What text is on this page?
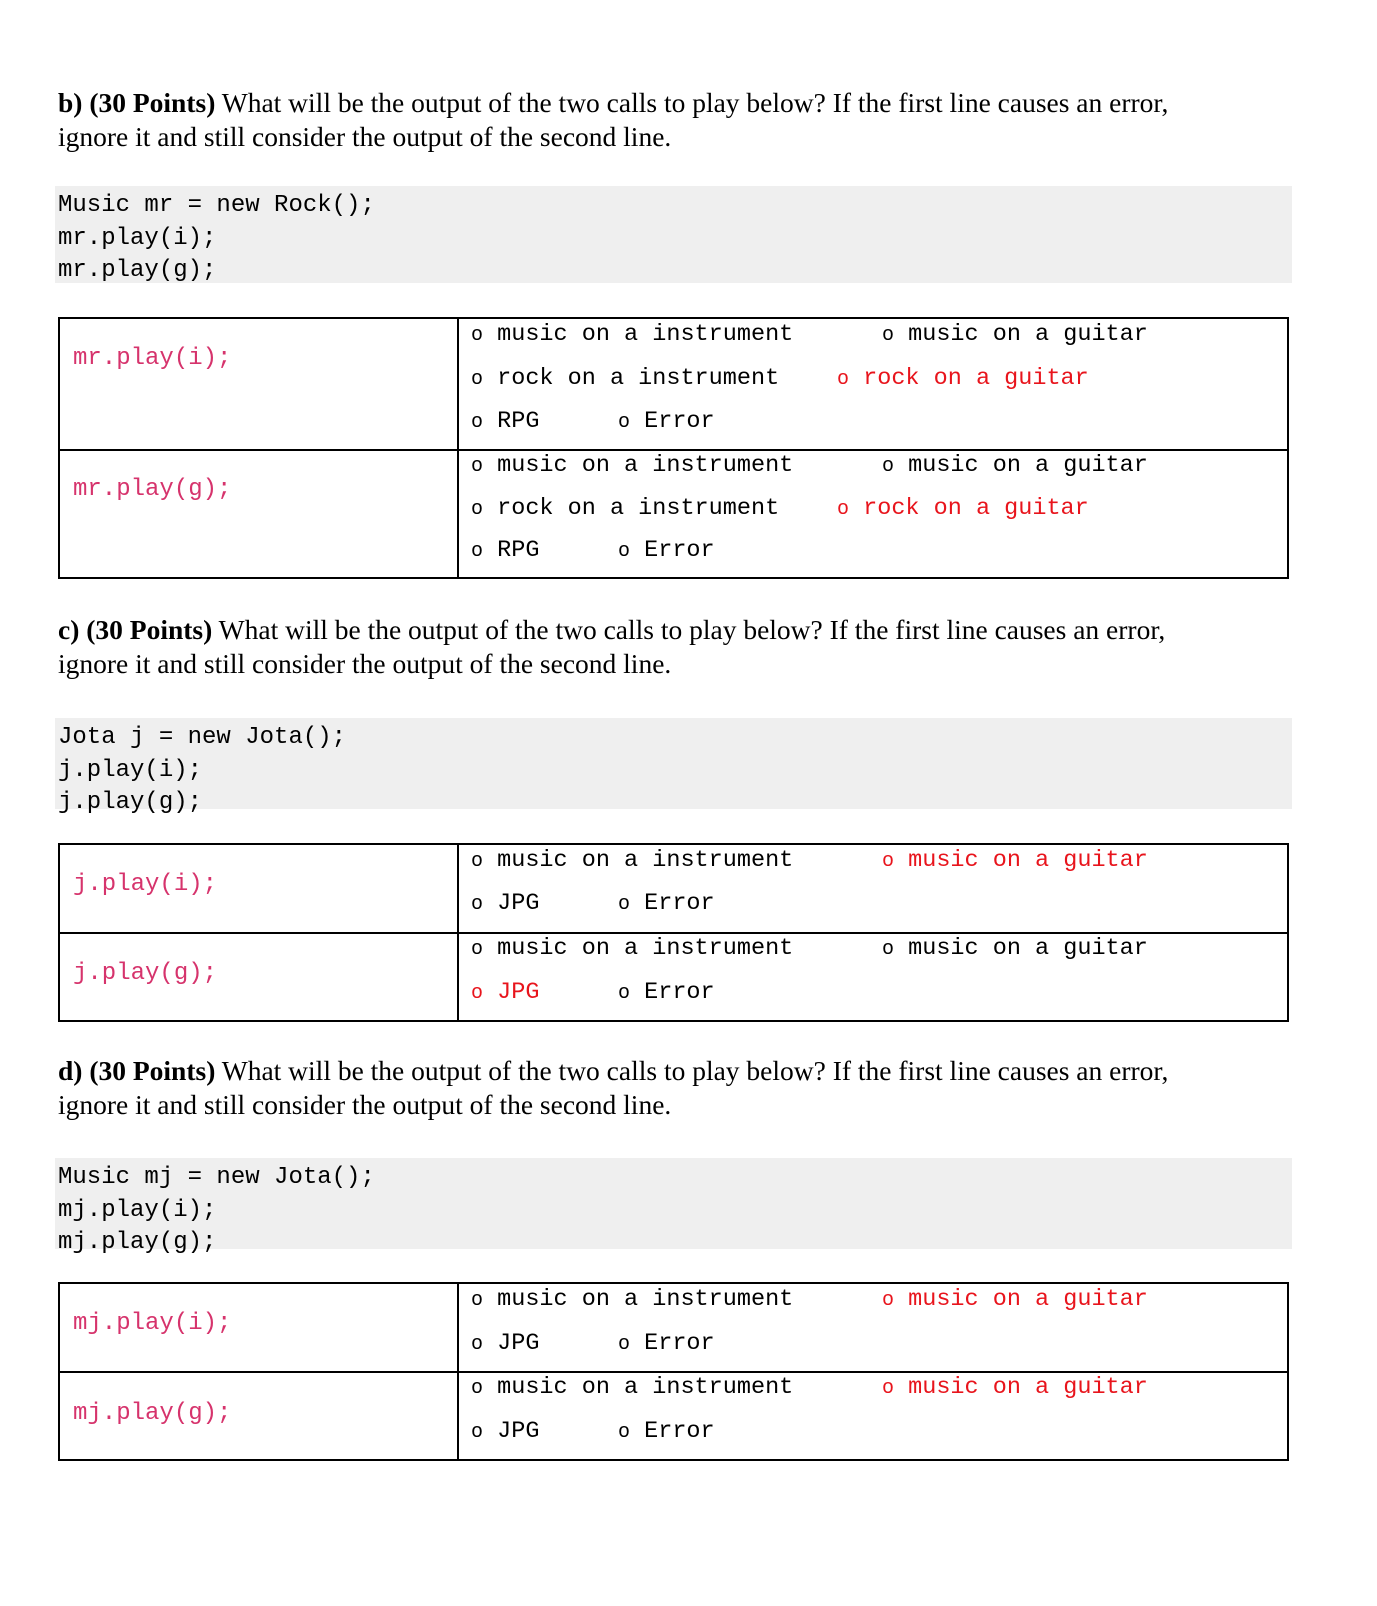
b) (30 Points) What will be the output of the two calls to play below? If the first line causes an error,
ignore it and still consider the output of the second line.
Music mr = new Rock();
mr.play(i);
mr.play(g);
mr.play(i);
o music on a instrument	o music on a guitar
o rock on a instrument	o rock on a guitar
o RPG	o Error
mr.play(g);
o music on a instrument	o music on a guitar
o rock on a instrument	o rock on a guitar
o RPG	o Error
c) (30 Points) What will be the output of the two calls to play below? If the first line causes an error,
ignore it and still consider the output of the second line.
Jota j = new Jota();
j.play(i);
j.play(g);
j.play(i);
o music on a instrument	o music on a guitar
o JPG	o Error
j.play(g);
o music on a instrument	o music on a guitar
o JPG	o Error
d) (30 Points) What will be the output of the two calls to play below? If the first line causes an error,
ignore it and still consider the output of the second line.
Music mj = new Jota();
mj.play(i);
mj.play(g);
mj.play(i);
o music on a instrument	o music on a guitar
o JPG	o Error
mj.play(g);
o music on a instrument	o music on a guitar
o JPG	o Error
